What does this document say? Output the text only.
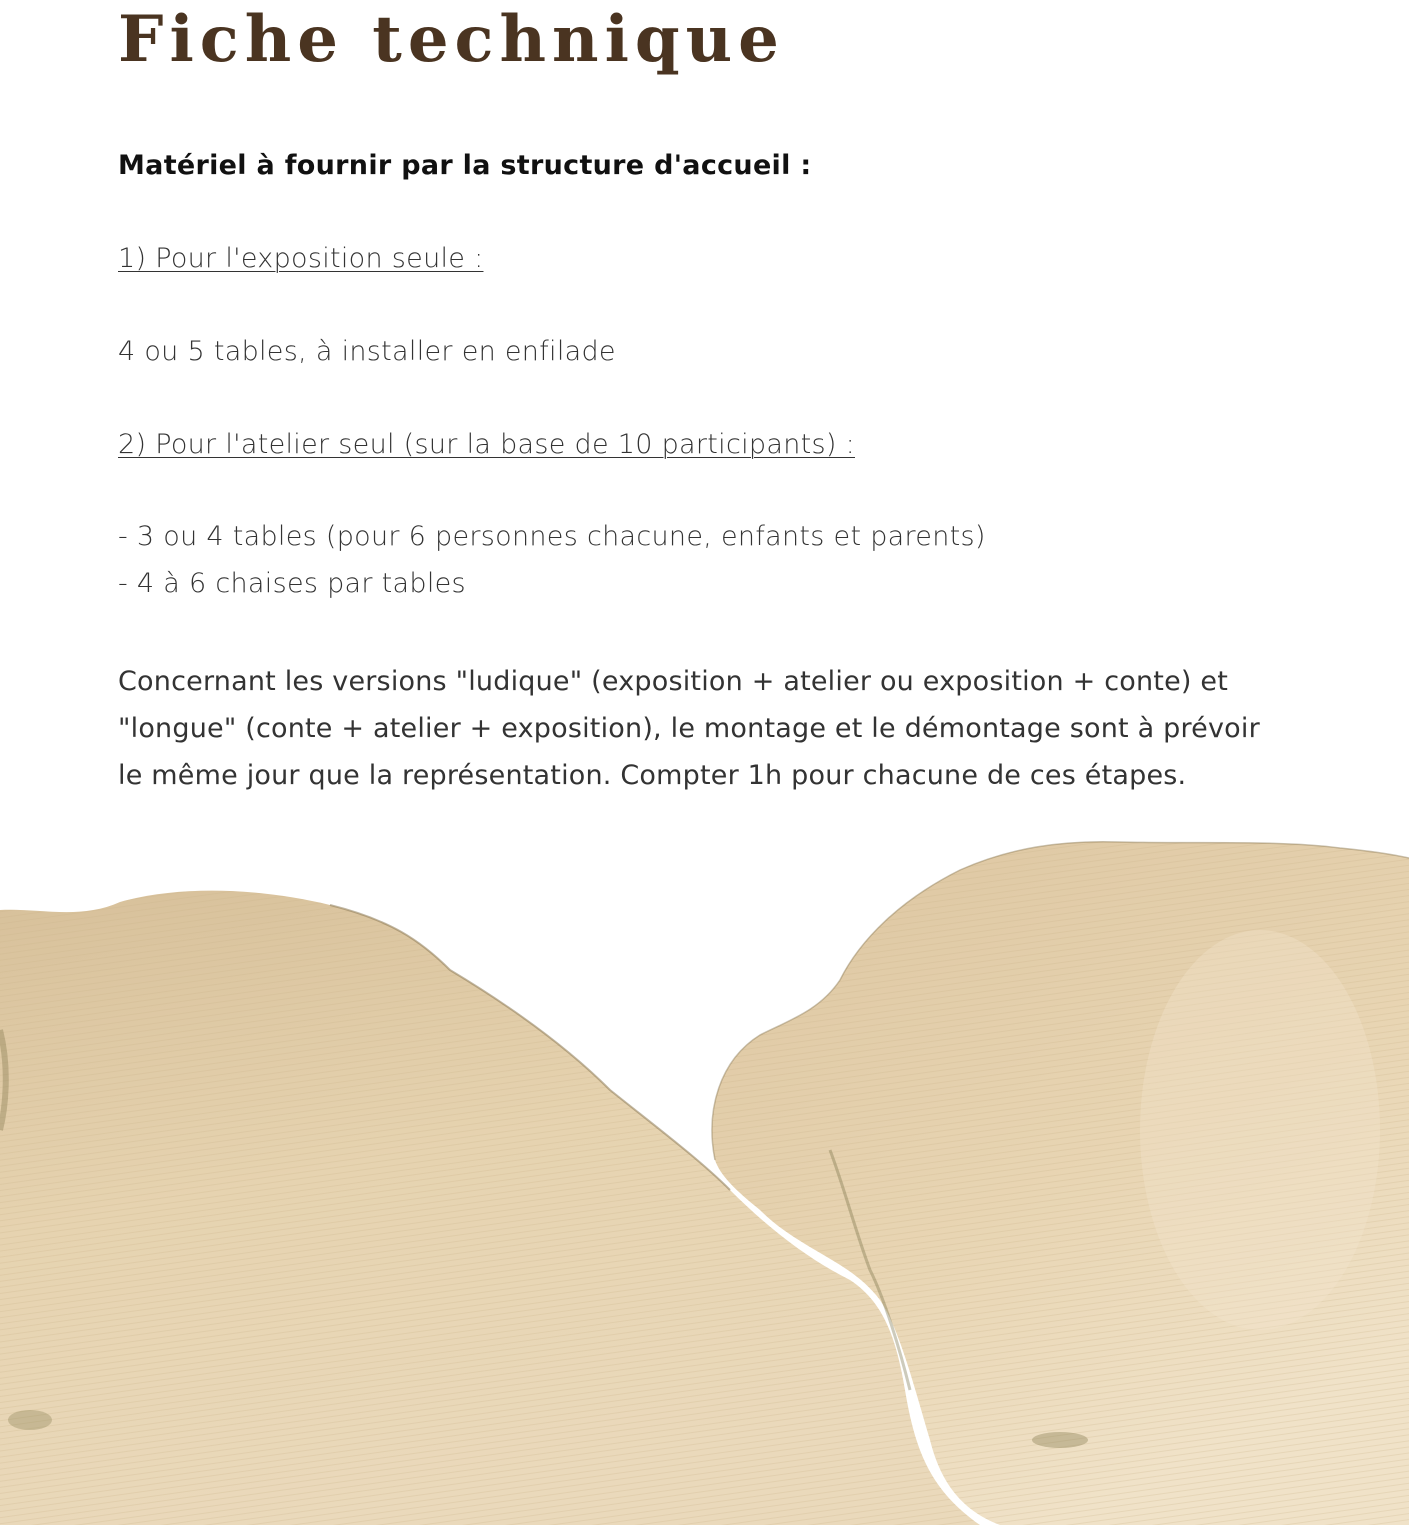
Fiche technique
Matériel à fournir par la structure d'accueil :
1) Pour l'exposition seule :
4 ou 5 tables, à installer en enfilade
2) Pour l'atelier seul (sur la base de 10 participants) :
- 3 ou 4 tables (pour 6 personnes chacune, enfants et parents)
- 4 à 6 chaises par tables

Concernant les versions "ludique" (exposition + atelier ou exposition + conte) et "longue" (conte + atelier + exposition), le montage et le démontage sont à prévoir le même jour que la représentation. Compter 1h pour chacune de ces étapes.
